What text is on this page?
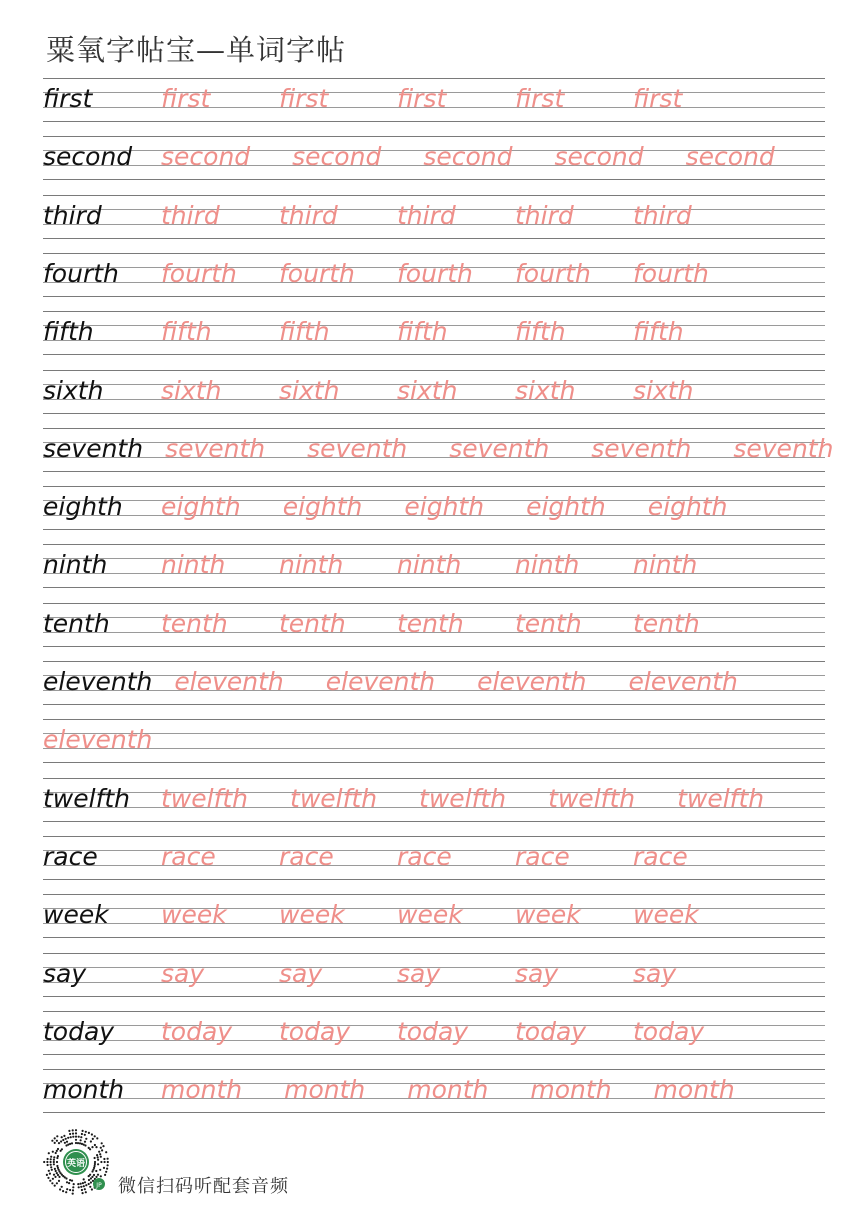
粟氧字帖宝—单词字帖
first	first	first	first	first	first
second second second second second second
third third third third third third
fourth fourth fourth fourth fourth fourth
fifth	fifth	fifth	fifth	fifth	fifth
sixth sixth sixth sixth sixth sixth
seventh seventh seventh seventh seventh seventh
eighth eighth eighth eighth eighth eighth
ninth ninth ninth ninth ninth ninth
tenth tenth tenth tenth tenth tenth
eleventh eleventh eleventh eleventh eleventh
eleventh
twelfth twelfth twelfth twelfth twelfth twelfth
race	race	race	race	race	race
week week week week week week
say	say	say	say	say	say
today today today today today today
month month month month month month
英语
JP 微信扫码听配套音频
